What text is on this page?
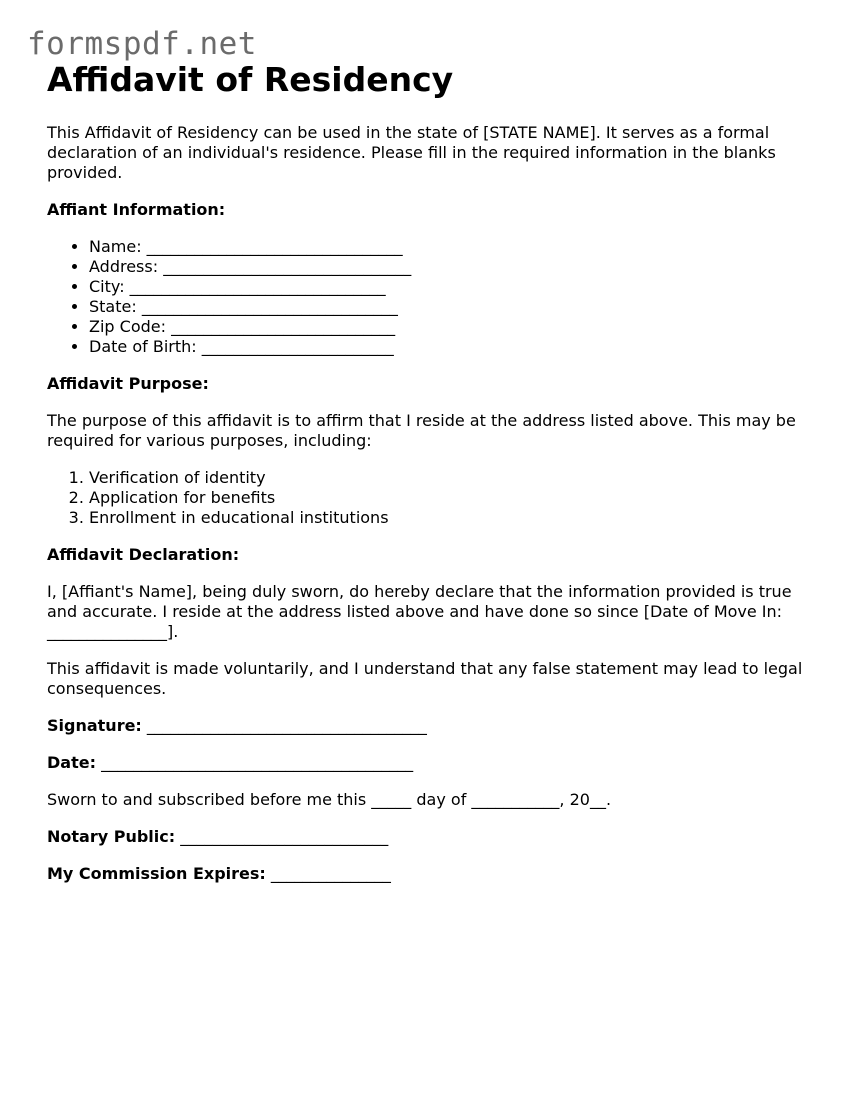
formspdf.net
Affidavit of Residency

This Affidavit of Residency can be used in the state of [STATE NAME]. It serves as a formal declaration of an individual's residence. Please fill in the required information in the blanks provided.

Affiant Information:

• Name: ________________________________
• Address: _______________________________
• City: ________________________________
• State: ________________________________
• Zip Code: ____________________________
• Date of Birth: ________________________

Affidavit Purpose:

The purpose of this affidavit is to affirm that I reside at the address listed above. This may be required for various purposes, including:

1. Verification of identity
2. Application for benefits
3. Enrollment in educational institutions

Affidavit Declaration:

I, [Affiant's Name], being duly sworn, do hereby declare that the information provided is true and accurate. I reside at the address listed above and have done so since [Date of Move In: _______________].

This affidavit is made voluntarily, and I understand that any false statement may lead to legal consequences.

Signature: ___________________________________

Date: _______________________________________

Sworn to and subscribed before me this _____ day of ___________, 20__.

Notary Public: __________________________

My Commission Expires: _______________
